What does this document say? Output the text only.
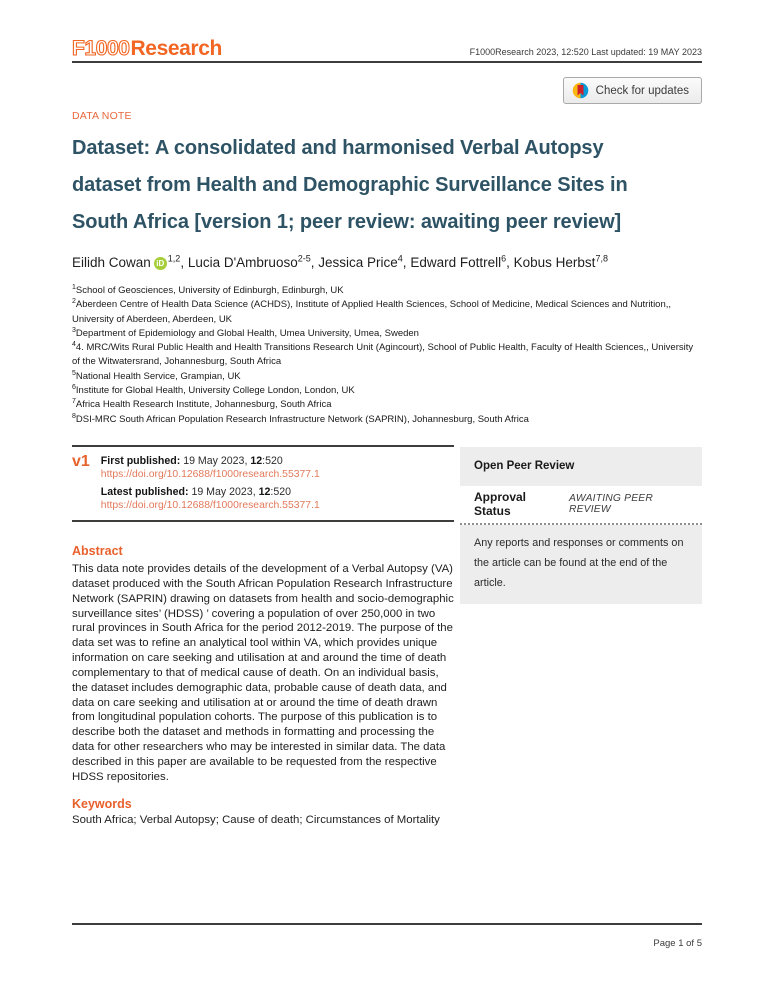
F1000Research	F1000Research 2023, 12:520 Last updated: 19 MAY 2023
Check for updates
DATA NOTE
Dataset: A consolidated and harmonised Verbal Autopsy dataset from Health and Demographic Surveillance Sites in South Africa [version 1; peer review: awaiting peer review]
Eilidh Cowan iD $^{1,2}$, Lucia D'Ambruoso$^{2-5}$, Jessica Price$^4$, Edward Fottrell$^6$, Kobus Herbst$^{7,8}$
$^1$School of Geosciences, University of Edinburgh, Edinburgh, UK
$^2$Aberdeen Centre of Health Data Science (ACHDS), Institute of Applied Health Sciences, School of Medicine, Medical Sciences and Nutrition,, University of Aberdeen, Aberdeen, UK
$^3$Department of Epidemiology and Global Health, Umea University, Umea, Sweden
$^4$4. MRC/Wits Rural Public Health and Health Transitions Research Unit (Agincourt), School of Public Health, Faculty of Health Sciences,, University of the Witwatersrand, Johannesburg, South Africa
$^5$National Health Service, Grampian, UK
$^6$Institute for Global Health, University College London, London, UK
$^7$Africa Health Research Institute, Johannesburg, South Africa
$^8$DSI-MRC South African Population Research Infrastructure Network (SAPRIN), Johannesburg, South Africa
v1 First published: 19 May 2023, 12:520
https://doi.org/10.12688/f1000research.55377.1
Latest published: 19 May 2023, 12:520
https://doi.org/10.12688/f1000research.55377.1
Abstract

This data note provides details of the development of a Verbal Autopsy (VA) dataset produced with the South African Population Research Infrastructure Network (SAPRIN) drawing on datasets from health and socio-demographic surveillance sites’ (HDSS) ’ covering a population of over 250,000 in two rural provinces in South Africa for the period 2012-2019. The purpose of the data set was to refine an analytical tool within VA, which provides unique information on care seeking and utilisation at and around the time of death complementary to that of medical cause of death. On an individual basis, the dataset includes demographic data, probable cause of death data, and data on care seeking and utilisation at or around the time of death drawn from longitudinal population cohorts. The purpose of this publication is to describe both the dataset and methods in formatting and processing the data for other researchers who may be interested in similar data. The data described in this paper are available to be requested from the respective HDSS repositories.

Keywords

South Africa; Verbal Autopsy; Cause of death; Circumstances of Mortality

Open Peer Review
Approval Status
AWAITING PEER REVIEW

Any reports and responses or comments on the article can be found at the end of the article.

Page 1 of 5
